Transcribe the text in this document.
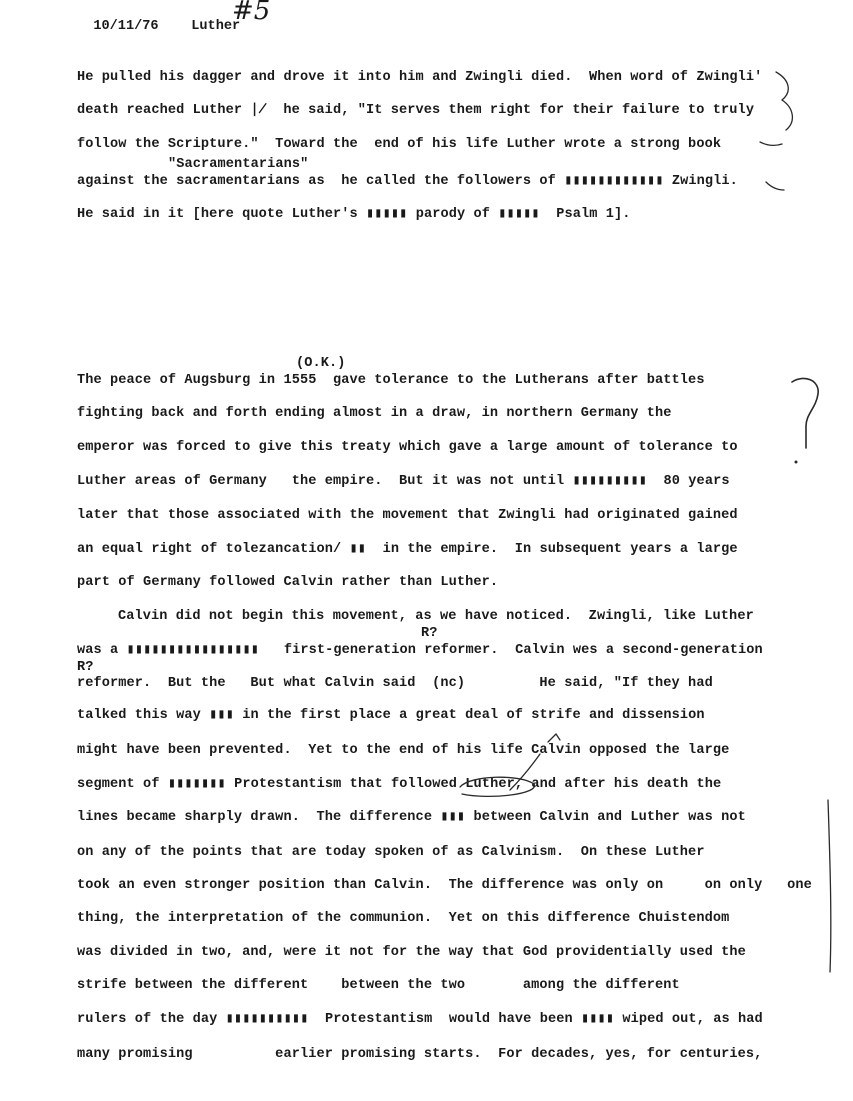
10/11/76 Luther

#5

He pulled his dagger and drove it into him and Zwingli died.  When word of Zwingli'

death reached Luther ∤  he said, "It serves them right for their failure to truly

follow the Scripture."  Toward the  end of his life Luther wrote a strong book

"Sacramentarians"

against the sacramentarians as  he called the followers of ▮▮▮▮▮▮▮▮▮▮▮▮ Zwingli.

He said in it [here quote Luther's ▮▮▮▮▮ parody of ▮▮▮▮▮  Psalm 1].

(O.K.)

The peace of Augsburg in 1555  gave tolerance to the Lutherans after battles

fighting back and forth ending almost in a draw, in northern Germany the

emperor was forced to give this treaty which gave a large amount of tolerance to

Luther areas of Germany   the empire.  But it was not until ▮▮▮▮▮▮▮▮▮  80 years

later that those associated with the movement that Zwingli had originated gained

an equal right of tolezancation/ ▮▮  in the empire.  In subsequent years a large

part of Germany followed Calvin rather than Luther.

Calvin did not begin this movement, as we have noticed.  Zwingli, like Luther

R?

was a ▮▮▮▮▮▮▮▮▮▮▮▮▮▮▮▮   first-generation reformer.  Calvin wes a second-generation

R?

reformer.  But the   But what Calvin said  (nc)         He said, "If they had

talked this way ▮▮▮ in the first place a great deal of strife and dissension

might have been prevented.  Yet to the end of his life Calvin opposed the large

segment of ▮▮▮▮▮▮▮ Protestantism that followed Luther, and after his death the

lines became sharply drawn.  The difference ▮▮▮ between Calvin and Luther was not

on any of the points that are today spoken of as Calvinism.  On these Luther

took an even stronger position than Calvin.  The difference was only on     on only   one

thing, the interpretation of the communion.  Yet on this difference Chuistendom

was divided in two, and, were it not for the way that God providentially used the

strife between the different    between the two       among the different

rulers of the day ▮▮▮▮▮▮▮▮▮▮  Protestantism  would have been ▮▮▮▮ wiped out, as had

many promising          earlier promising starts.  For decades, yes, for centuries,
